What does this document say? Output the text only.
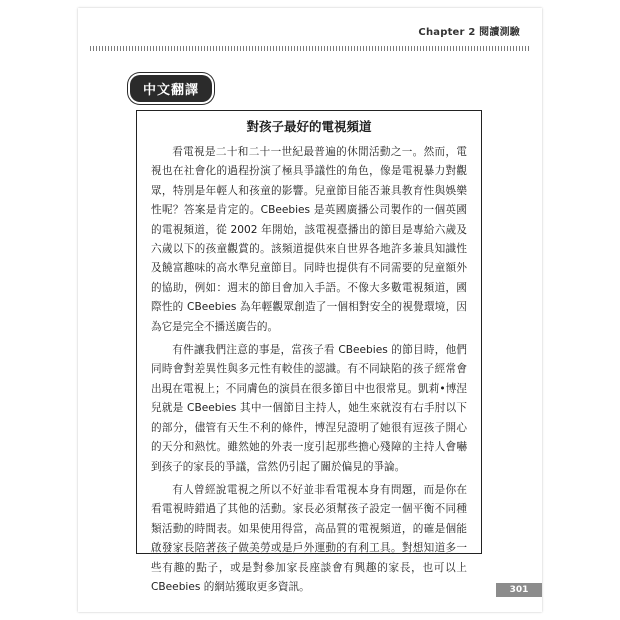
Chapter 2 閱讀測驗
中文翻譯
對孩子最好的電視頻道

看電視是二十和二十一世紀最普遍的休閒活動之一。然而，電視也在社會化的過程扮演了極具爭議性的角色，像是電視暴力對觀眾，特別是年輕人和孩童的影響。兒童節目能否兼具教育性與娛樂性呢？答案是肯定的。CBeebies 是英國廣播公司製作的一個英國的電視頻道，從 2002 年開始，該電視臺播出的節目是專給六歲及六歲以下的孩童觀賞的。該頻道提供來自世界各地許多兼具知識性及饒富趣味的高水準兒童節目。同時也提供有不同需要的兒童額外的協助，例如：週末的節目會加入手語。不像大多數電視頻道，國際性的 CBeebies 為年輕觀眾創造了一個相對安全的視覺環境，因為它是完全不播送廣告的。

有件讓我們注意的事是，當孩子看 CBeebies 的節目時，他們同時會對差異性與多元性有較佳的認識。有不同缺陷的孩子經常會出現在電視上；不同膚色的演員在很多節目中也很常見。凱莉•博涅兒就是 CBeebies 其中一個節目主持人，她生來就沒有右手肘以下的部分，儘管有天生不利的條件，博涅兒證明了她很有逗孩子開心的天分和熱忱。雖然她的外表一度引起那些擔心殘障的主持人會嚇到孩子的家長的爭議，當然仍引起了關於偏見的爭論。

有人曾經說電視之所以不好並非看電視本身有問題，而是你在看電視時錯過了其他的活動。家長必須幫孩子設定一個平衡不同種類活動的時間表。如果使用得當，高品質的電視頻道，的確是個能啟發家長陪著孩子做美勞或是戶外運動的有利工具。對想知道多一些有趣的點子，或是對參加家長座談會有興趣的家長，也可以上 CBeebies 的網站獲取更多資訊。	301
